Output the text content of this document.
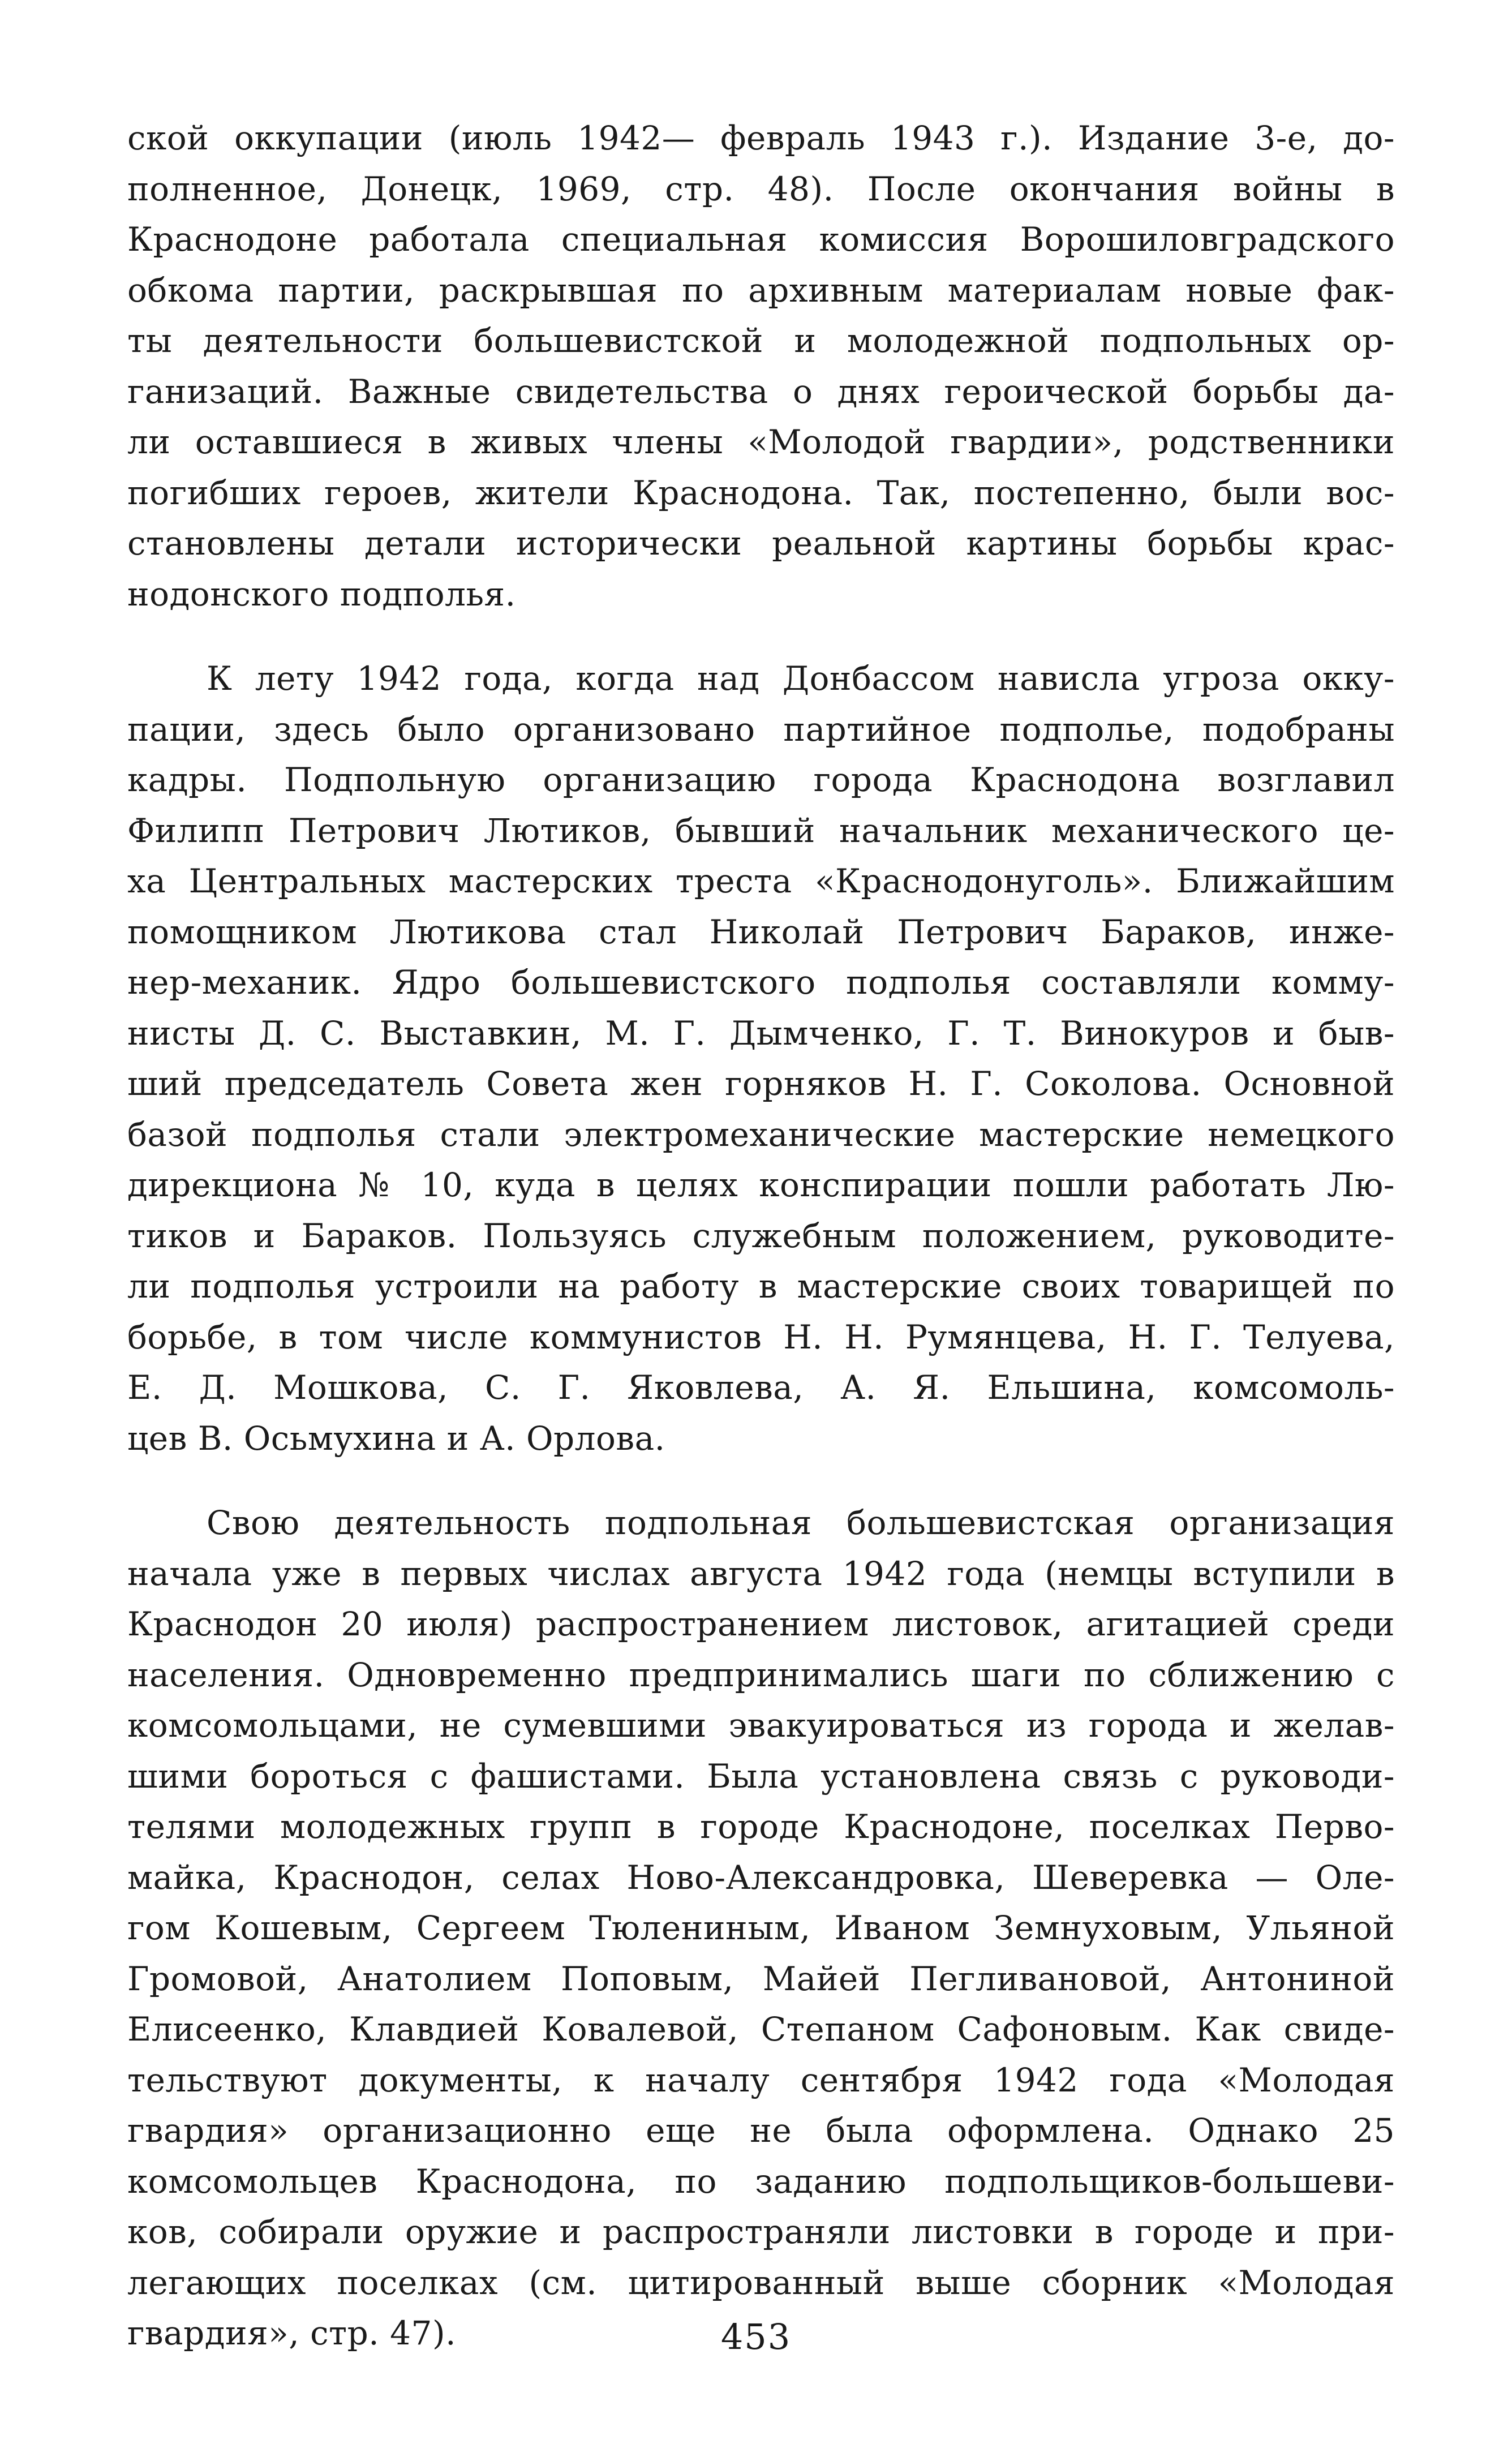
ской оккупации (июль 1942— февраль 1943 г.). Издание 3-е, до-
полненное, Донецк, 1969, стр. 48). После окончания войны в
Краснодоне работала специальная комиссия Ворошиловградского
обкома партии, раскрывшая по архивным материалам новые фак-
ты деятельности большевистской и молодежной подпольных ор-
ганизаций. Важные свидетельства о днях героической борьбы да-
ли оставшиеся в живых члены «Молодой гвардии», родственники
погибших героев, жители Краснодона. Так, постепенно, были вос-
становлены детали исторически реальной картины борьбы крас-
нодонского подполья.

К лету 1942 года, когда над Донбассом нависла угроза окку-
пации, здесь было организовано партийное подполье, подобраны
кадры. Подпольную организацию города Краснодона возглавил
Филипп Петрович Лютиков, бывший начальник механического це-
ха Центральных мастерских треста «Краснодонуголь». Ближайшим
помощником Лютикова стал Николай Петрович Бараков, инже-
нер-механик. Ядро большевистского подполья составляли комму-
нисты Д. С. Выставкин, М. Г. Дымченко, Г. Т. Винокуров и быв-
ший председатель Совета жен горняков Н. Г. Соколова. Основной
базой подполья стали электромеханические мастерские немецкого
дирекциона № 10, куда в целях конспирации пошли работать Лю-
тиков и Бараков. Пользуясь служебным положением, руководите-
ли подполья устроили на работу в мастерские своих товарищей по
борьбе, в том числе коммунистов Н. Н. Румянцева, Н. Г. Телуева,
Е. Д. Мошкова, С. Г. Яковлева, А. Я. Ельшина, комсомоль-
цев В. Осьмухина и А. Орлова.

Свою деятельность подпольная большевистская организация
начала уже в первых числах августа 1942 года (немцы вступили в
Краснодон 20 июля) распространением листовок, агитацией среди
населения. Одновременно предпринимались шаги по сближению с
комсомольцами, не сумевшими эвакуироваться из города и желав-
шими бороться с фашистами. Была установлена связь с руководи-
телями молодежных групп в городе Краснодоне, поселках Перво-
майка, Краснодон, селах Ново-Александровка, Шеверевка — Оле-
гом Кошевым, Сергеем Тюлениным, Иваном Земнуховым, Ульяной
Громовой, Анатолием Поповым, Майей Пегливановой, Антониной
Елисеенко, Клавдией Ковалевой, Степаном Сафоновым. Как свиде-
тельствуют документы, к началу сентября 1942 года «Молодая
гвардия» организационно еще не была оформлена. Однако 25
комсомольцев Краснодона, по заданию подпольщиков-большеви-
ков, собирали оружие и распространяли листовки в городе и при-
легающих поселках (см. цитированный выше сборник «Молодая
гвардия», стр. 47).	453
